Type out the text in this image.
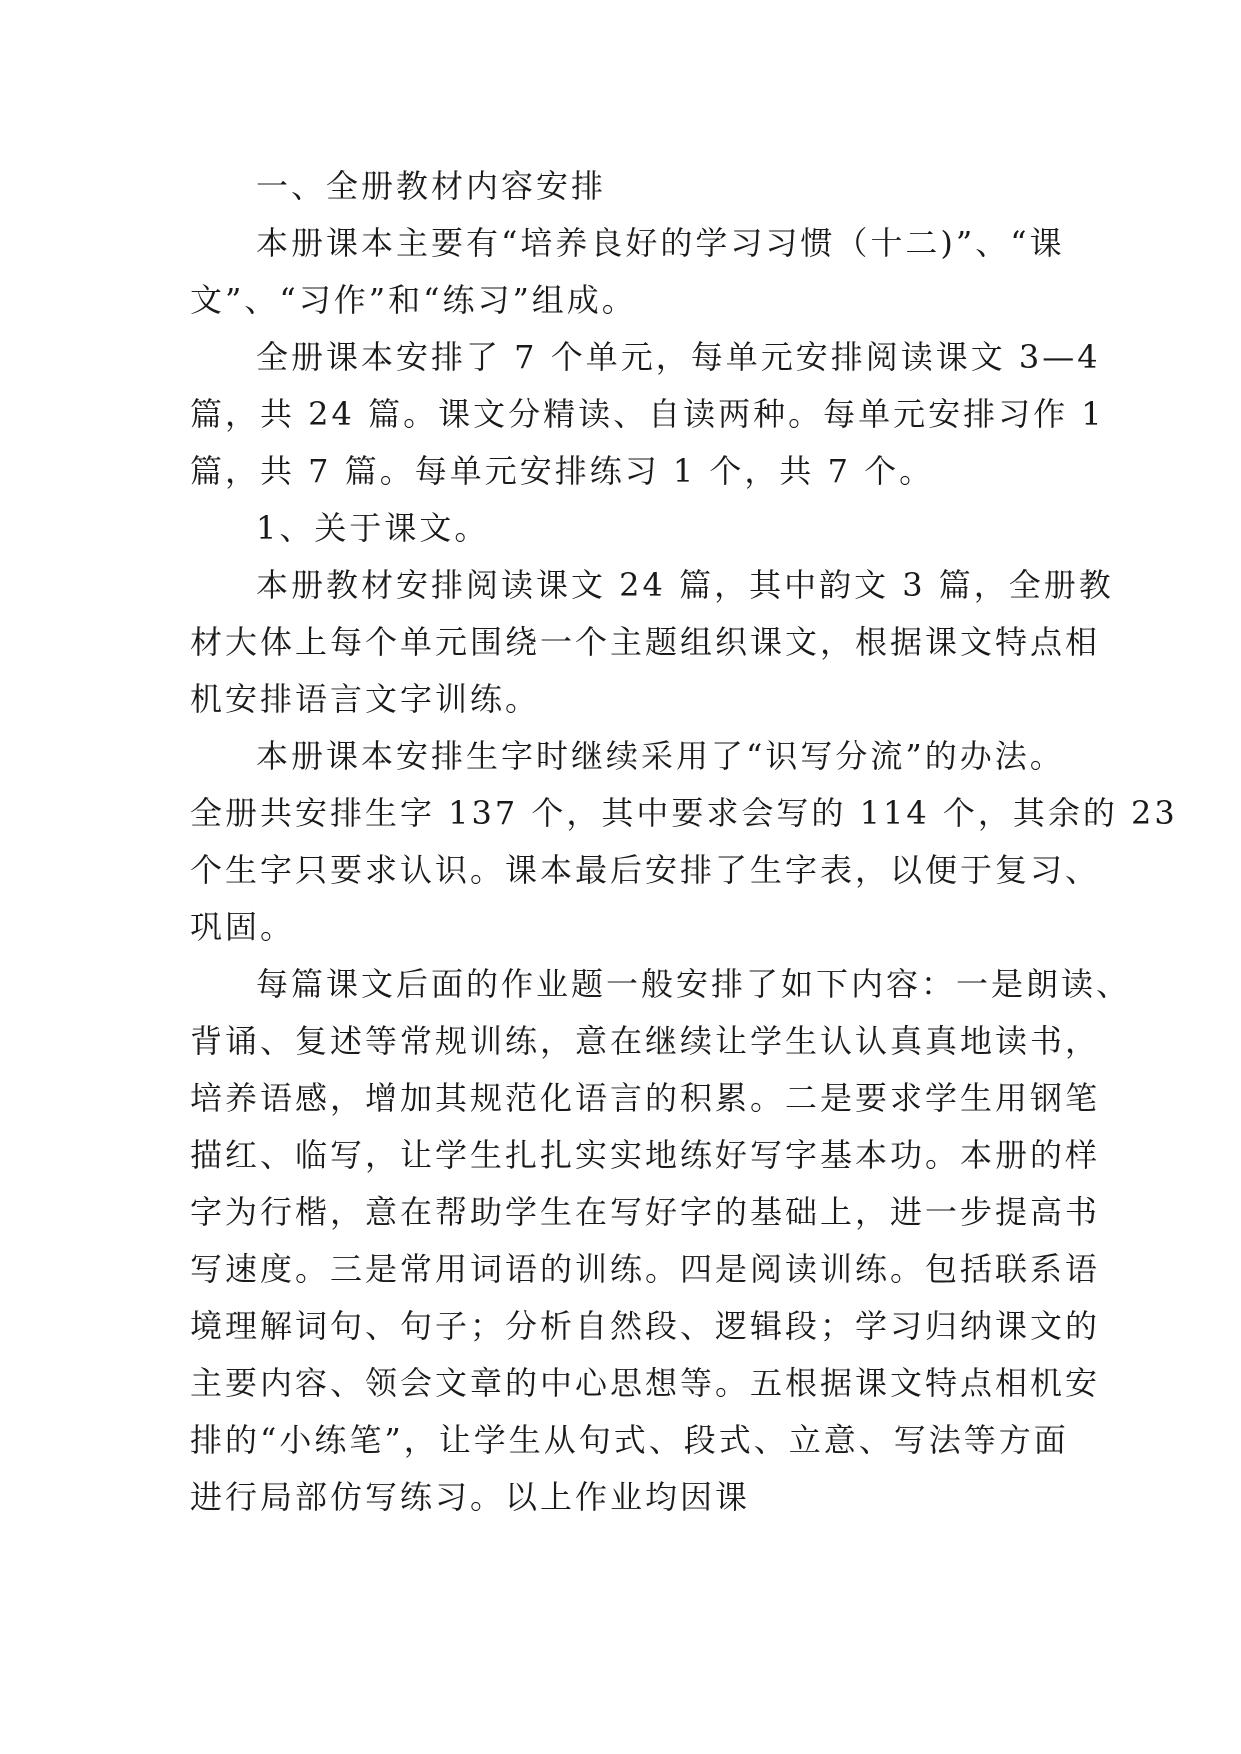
一、全册教材内容安排
本册课本主要有“培养良好的学习习惯（十二)”、“课
文”、“习作”和“练习”组成。
全册课本安排了 7 个单元，每单元安排阅读课文 3—4
篇，共 24 篇。课文分精读、自读两种。每单元安排习作 1
篇，共 7 篇。每单元安排练习 1 个，共 7 个。
1、关于课文。
本册教材安排阅读课文 24 篇，其中韵文 3 篇，全册教
材大体上每个单元围绕一个主题组织课文，根据课文特点相
机安排语言文字训练。
本册课本安排生字时继续采用了“识写分流”的办法。
全册共安排生字 137 个，其中要求会写的 114 个，其余的 23
个生字只要求认识。课本最后安排了生字表，以便于复习、
巩固。
每篇课文后面的作业题一般安排了如下内容：一是朗读、
背诵、复述等常规训练，意在继续让学生认认真真地读书，
培养语感，增加其规范化语言的积累。二是要求学生用钢笔
描红、临写，让学生扎扎实实地练好写字基本功。本册的样
字为行楷，意在帮助学生在写好字的基础上，进一步提高书
写速度。三是常用词语的训练。四是阅读训练。包括联系语
境理解词句、句子；分析自然段、逻辑段；学习归纳课文的
主要内容、领会文章的中心思想等。五根据课文特点相机安
排的“小练笔”，让学生从句式、段式、立意、写法等方面
进行局部仿写练习。以上作业均因课
